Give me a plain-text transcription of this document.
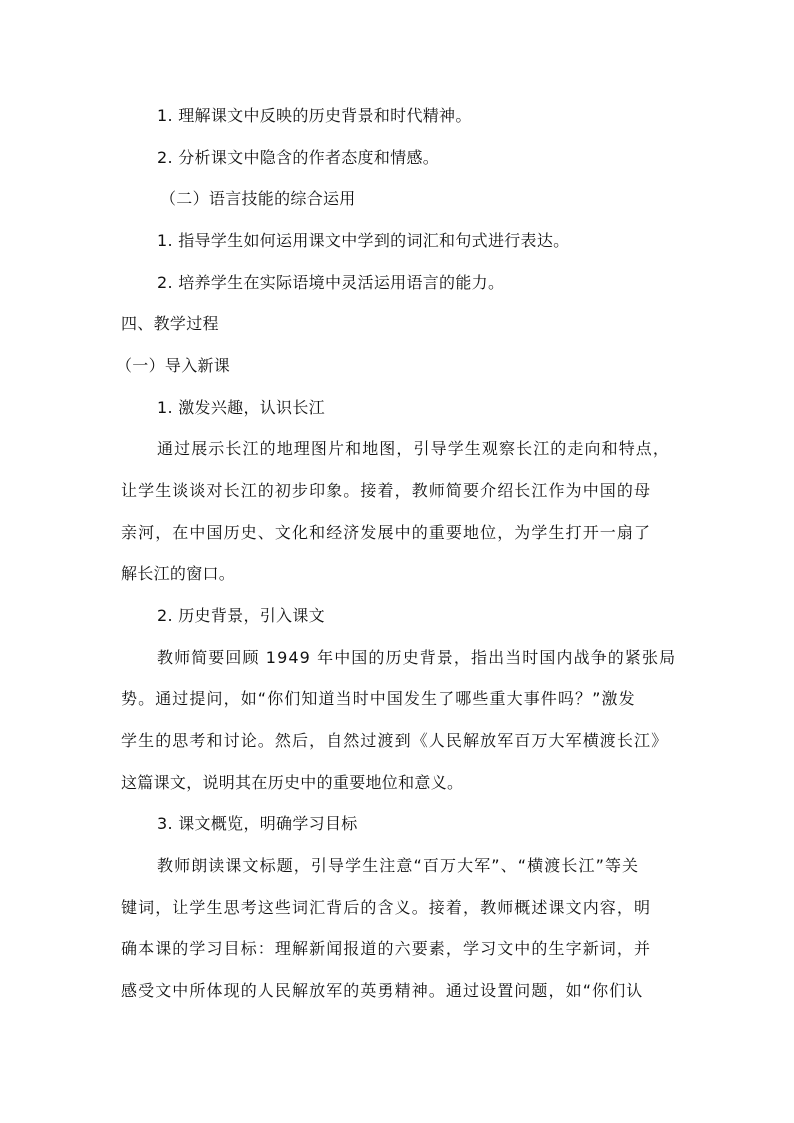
1. 理解课文中反映的历史背景和时代精神。
2. 分析课文中隐含的作者态度和情感。
（二）语言技能的综合运用
1. 指导学生如何运用课文中学到的词汇和句式进行表达。
2. 培养学生在实际语境中灵活运用语言的能力。
四、教学过程
（一）导入新课
1. 激发兴趣，认识长江
通过展示长江的地理图片和地图，引导学生观察长江的走向和特点，
让学生谈谈对长江的初步印象。接着，教师简要介绍长江作为中国的母
亲河，在中国历史、文化和经济发展中的重要地位，为学生打开一扇了
解长江的窗口。
2. 历史背景，引入课文
教师简要回顾 1949 年中国的历史背景，指出当时国内战争的紧张局
势。通过提问，如“你们知道当时中国发生了哪些重大事件吗？”激发
学生的思考和讨论。然后，自然过渡到《人民解放军百万大军横渡长江》
这篇课文，说明其在历史中的重要地位和意义。
3. 课文概览，明确学习目标
教师朗读课文标题，引导学生注意“百万大军”、“横渡长江”等关
键词，让学生思考这些词汇背后的含义。接着，教师概述课文内容，明
确本课的学习目标：理解新闻报道的六要素，学习文中的生字新词，并
感受文中所体现的人民解放军的英勇精神。通过设置问题，如“你们认
